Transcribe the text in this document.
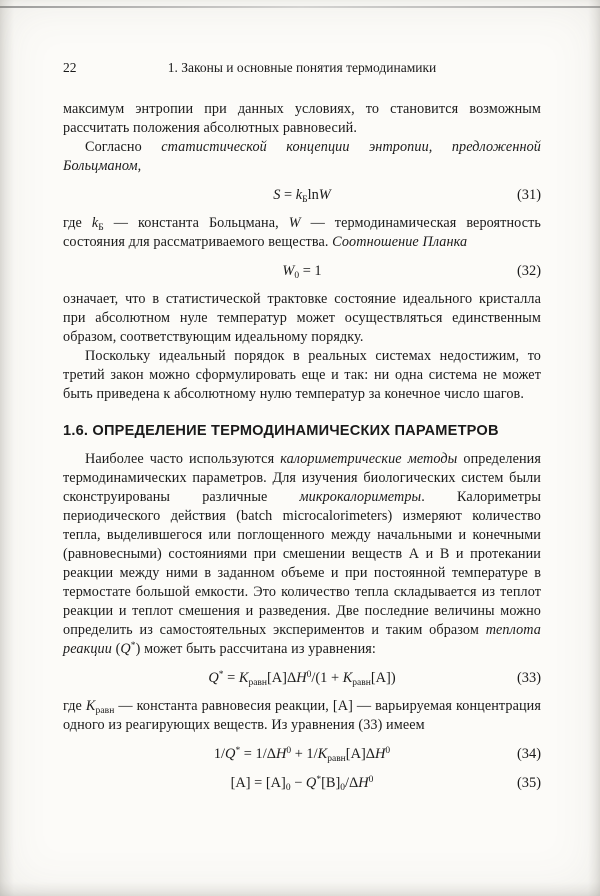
22	1. Законы и основные понятия термодинамики

максимум энтропии при данных условиях, то становится возможным рассчитать положения абсолютных равновесий.

Согласно статистической концепции энтропии, предложенной Больцманом,

$S = k_Б\ln W$	(31)

где $k_Б$ — константа Больцмана, W — термодинамическая вероятность состояния для рассматриваемого вещества. Соотношение Планка

$W_0 = 1$	(32)

означает, что в статистической трактовке состояние идеального кристалла при абсолютном нуле температур может осуществляться единственным образом, соответствующим идеальному порядку.

Поскольку идеальный порядок в реальных системах недостижим, то третий закон можно сформулировать еще и так: ни одна система не может быть приведена к абсолютному нулю температур за конечное число шагов.

1.6. ОПРЕДЕЛЕНИЕ ТЕРМОДИНАМИЧЕСКИХ ПАРАМЕТРОВ

Наиболее часто используются калориметрические методы определения термодинамических параметров. Для изучения биологических систем были сконструированы различные микрокалориметры. Калориметры периодического действия (batch microcalorimeters) измеряют количество тепла, выделившегося или поглощенного между начальными и конечными (равновесными) состояниями при смешении веществ А и В и протекании реакции между ними в заданном объеме и при постоянной температуре в термостате большой емкости. Это количество тепла складывается из теплот реакции и теплот смешения и разведения. Две последние величины можно определить из самостоятельных экспериментов и таким образом теплота реакции (Q*) может быть рассчитана из уравнения:

$Q^* = K_{равн}[А]\Delta H^0/(1 + K_{равн}[А])$	(33)

где $K_{равн}$ — константа равновесия реакции, [А] — варьируемая концентрация одного из реагирующих веществ. Из уравнения (33) имеем

$1/Q^* = 1/\Delta H^0 + 1/K_{равн}[А]\Delta H^0$	(34)
$[А] = [А]_0 - Q^*[В]_0/\Delta H^0$	(35)
